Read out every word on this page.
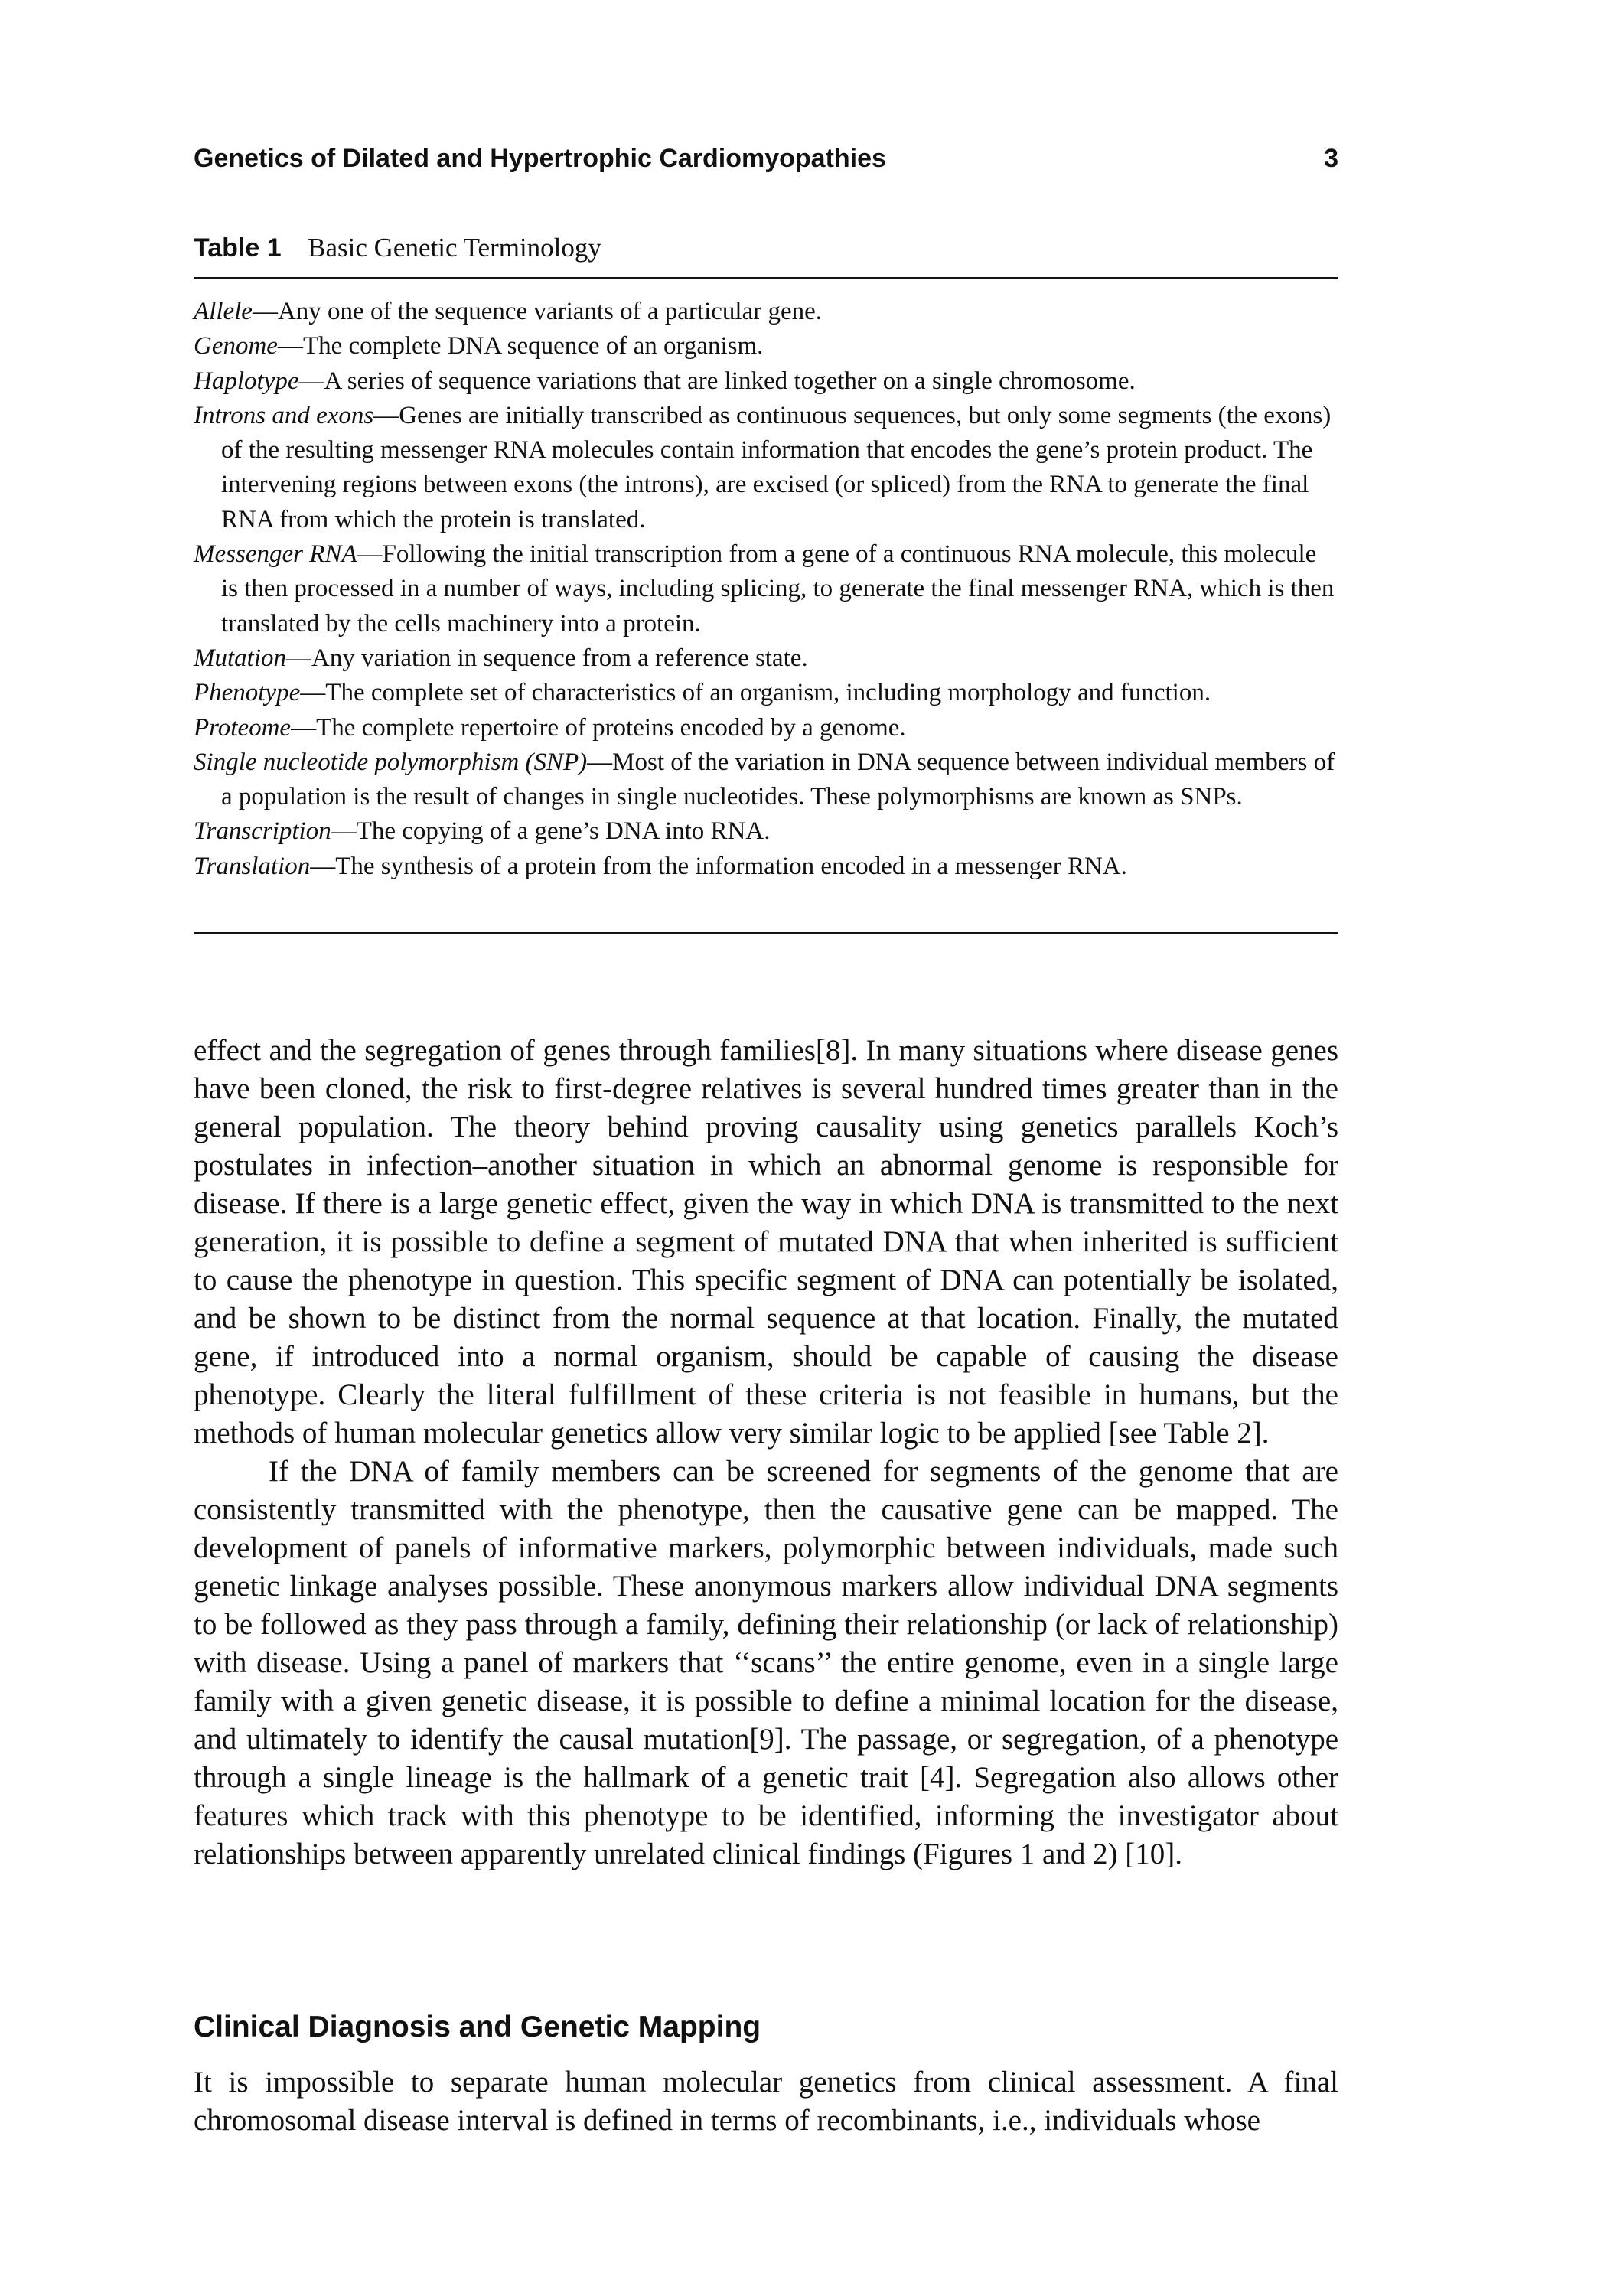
Genetics of Dilated and Hypertrophic Cardiomyopathies	3
Table 1 Basic Genetic Terminology
Allele—Any one of the sequence variants of a particular gene.
Genome—The complete DNA sequence of an organism.
Haplotype—A series of sequence variations that are linked together on a single chromosome.
Introns and exons—Genes are initially transcribed as continuous sequences, but only some segments (the exons) of the resulting messenger RNA molecules contain information that encodes the gene’s protein product. The intervening regions between exons (the introns), are excised (or spliced) from the RNA to generate the final RNA from which the protein is translated.
Messenger RNA—Following the initial transcription from a gene of a continuous RNA molecule, this molecule is then processed in a number of ways, including splicing, to generate the final messenger RNA, which is then translated by the cells machinery into a protein.
Mutation—Any variation in sequence from a reference state.
Phenotype—The complete set of characteristics of an organism, including morphology and function.
Proteome—The complete repertoire of proteins encoded by a genome.
Single nucleotide polymorphism (SNP)—Most of the variation in DNA sequence between individual members of a population is the result of changes in single nucleotides. These polymorphisms are known as SNPs.
Transcription—The copying of a gene’s DNA into RNA.
Translation—The synthesis of a protein from the information encoded in a messenger RNA.

effect and the segregation of genes through families[8]. In many situations where disease genes have been cloned, the risk to first-degree relatives is several hundred times greater than in the general population. The theory behind proving causality using genetics parallels Koch’s postulates in infection–another situation in which an abnormal genome is responsible for disease. If there is a large genetic effect, given the way in which DNA is transmitted to the next generation, it is possible to define a segment of mutated DNA that when inherited is sufficient to cause the phenotype in question. This specific segment of DNA can potentially be isolated, and be shown to be distinct from the normal sequence at that location. Finally, the mutated gene, if introduced into a normal organism, should be capable of causing the disease phenotype. Clearly the literal fulfillment of these criteria is not feasible in humans, but the methods of human molecular genetics allow very similar logic to be applied [see Table 2].

If the DNA of family members can be screened for segments of the genome that are consistently transmitted with the phenotype, then the causative gene can be mapped. The development of panels of informative markers, polymorphic between individuals, made such genetic linkage analyses possible. These anonymous markers allow individual DNA segments to be followed as they pass through a family, defining their relationship (or lack of relationship) with disease. Using a panel of markers that ‘‘scans’’ the entire genome, even in a single large family with a given genetic disease, it is possible to define a minimal location for the disease, and ultimately to identify the causal mutation[9]. The passage, or segregation, of a phenotype through a single lineage is the hallmark of a genetic trait [4]. Segregation also allows other features which track with this phenotype to be identified, informing the investigator about relationships between apparently unrelated clinical findings (Figures 1 and 2) [10].

Clinical Diagnosis and Genetic Mapping

It is impossible to separate human molecular genetics from clinical assessment. A final chromosomal disease interval is defined in terms of recombinants, i.e., individuals whose
